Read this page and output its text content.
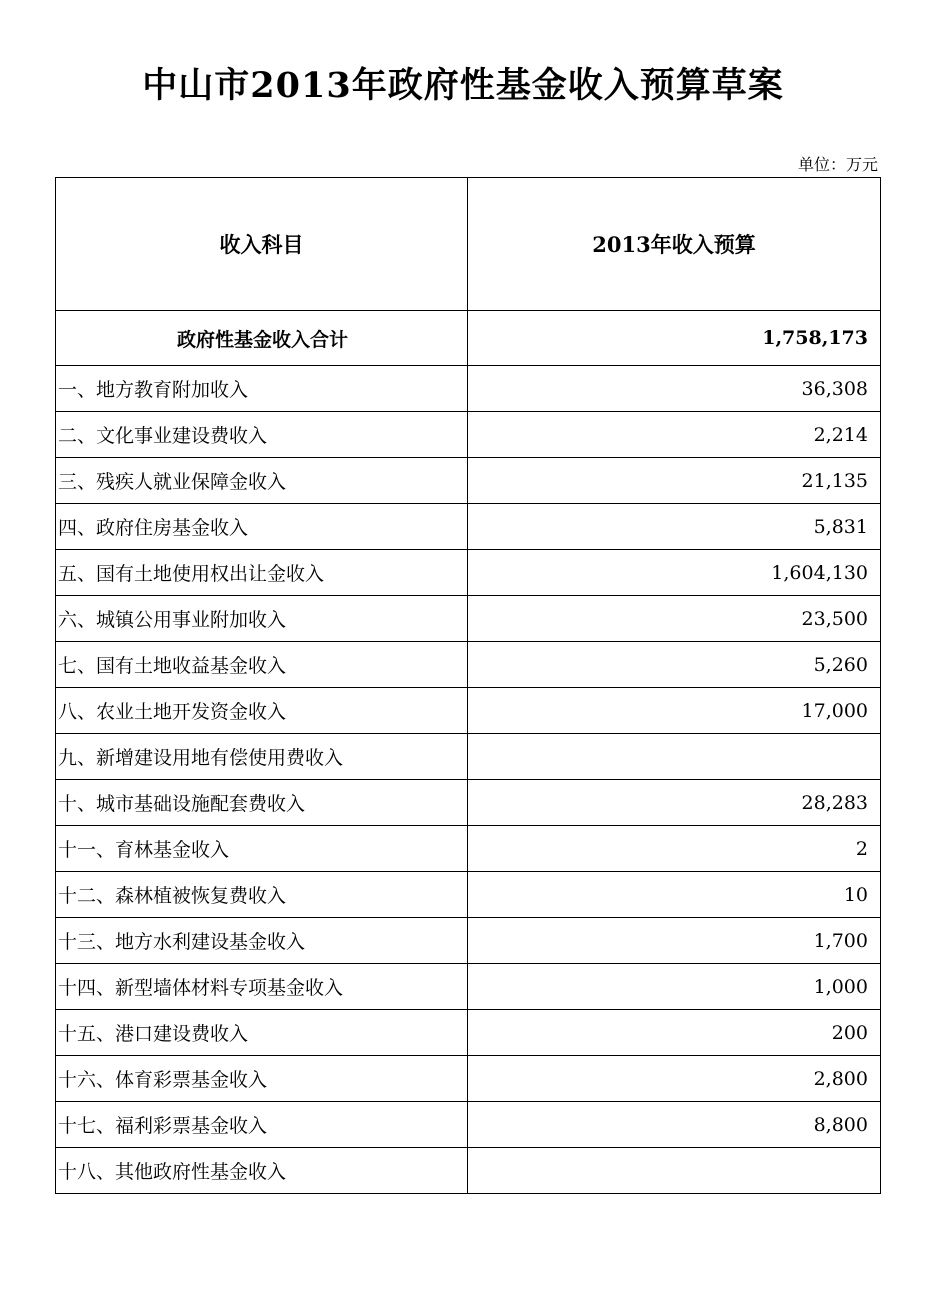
中山市2013年政府性基金收入预算草案
单位：万元
收入科目	2013年收入预算
政府性基金收入合计	1,758,173
一、地方教育附加收入	36,308
二、文化事业建设费收入	2,214
三、残疾人就业保障金收入	21,135
四、政府住房基金收入	5,831
五、国有土地使用权出让金收入	1,604,130
六、城镇公用事业附加收入	23,500
七、国有土地收益基金收入	5,260
八、农业土地开发资金收入	17,000
九、新增建设用地有偿使用费收入	
十、城市基础设施配套费收入	28,283
十一、育林基金收入	2
十二、森林植被恢复费收入	10
十三、地方水利建设基金收入	1,700
十四、新型墙体材料专项基金收入	1,000
十五、港口建设费收入	200
十六、体育彩票基金收入	2,800
十七、福利彩票基金收入	8,800
十八、其他政府性基金收入	
